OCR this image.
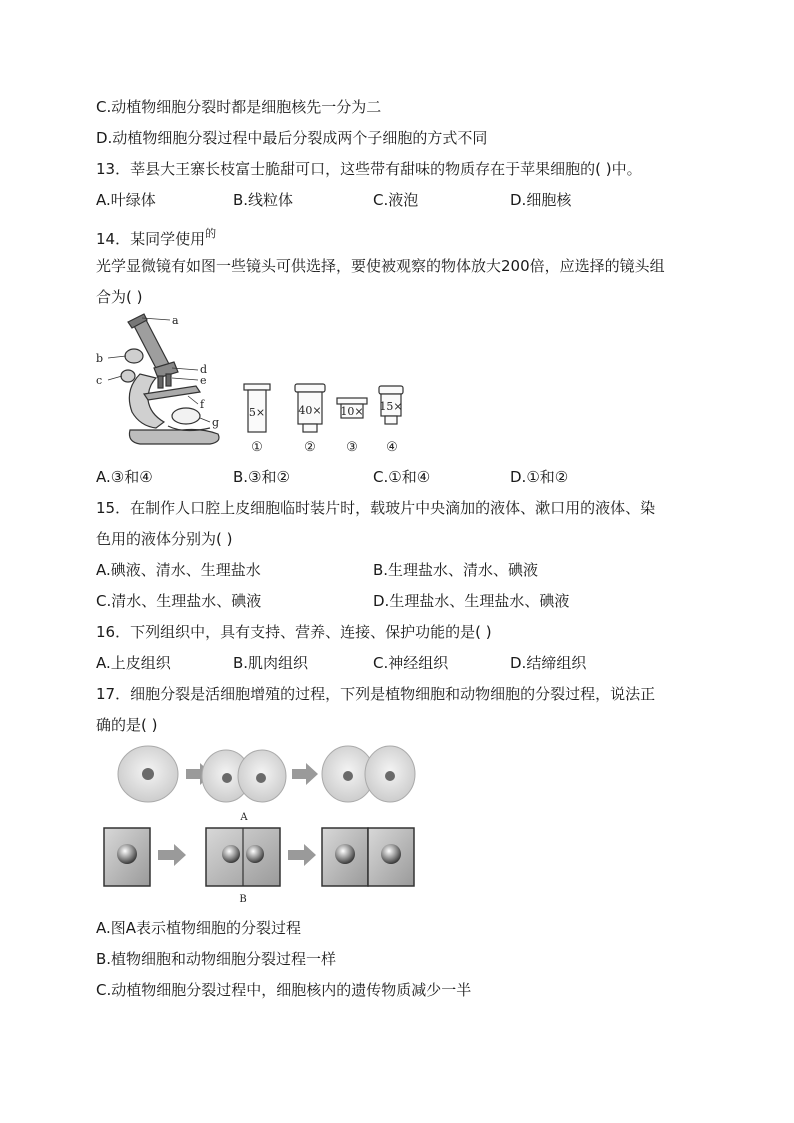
C.动植物细胞分裂时都是细胞核先一分为二
D.动植物细胞分裂过程中最后分裂成两个子细胞的方式不同
13．莘县大王寨长枝富士脆甜可口，这些带有甜味的物质存在于苹果细胞的( )中。
A.叶绿体	B.线粒体	C.液泡	D.细胞核
14．某同学使用$^的$
光学显微镜有如图一些镜头可供选择，要使被观察的物体放大200倍，应选择的镜头组
合为( )
a
b
c
d
e
f
g
5×	40× 10× 15×
①	② ③ ④
A.③和④	B.③和②	C.①和④	D.①和②
15．在制作人口腔上皮细胞临时装片时，载玻片中央滴加的液体、漱口用的液体、染
色用的液体分别为( )
A.碘液、清水、生理盐水	B.生理盐水、清水、碘液
C.清水、生理盐水、碘液	D.生理盐水、生理盐水、碘液
16．下列组织中，具有支持、营养、连接、保护功能的是( )
A.上皮组织	B.肌肉组织	C.神经组织	D.结缔组织
17．细胞分裂是活细胞增殖的过程，下列是植物细胞和动物细胞的分裂过程，说法正
确的是( )
A
B
A.图A表示植物细胞的分裂过程
B.植物细胞和动物细胞分裂过程一样
C.动植物细胞分裂过程中，细胞核内的遗传物质减少一半
